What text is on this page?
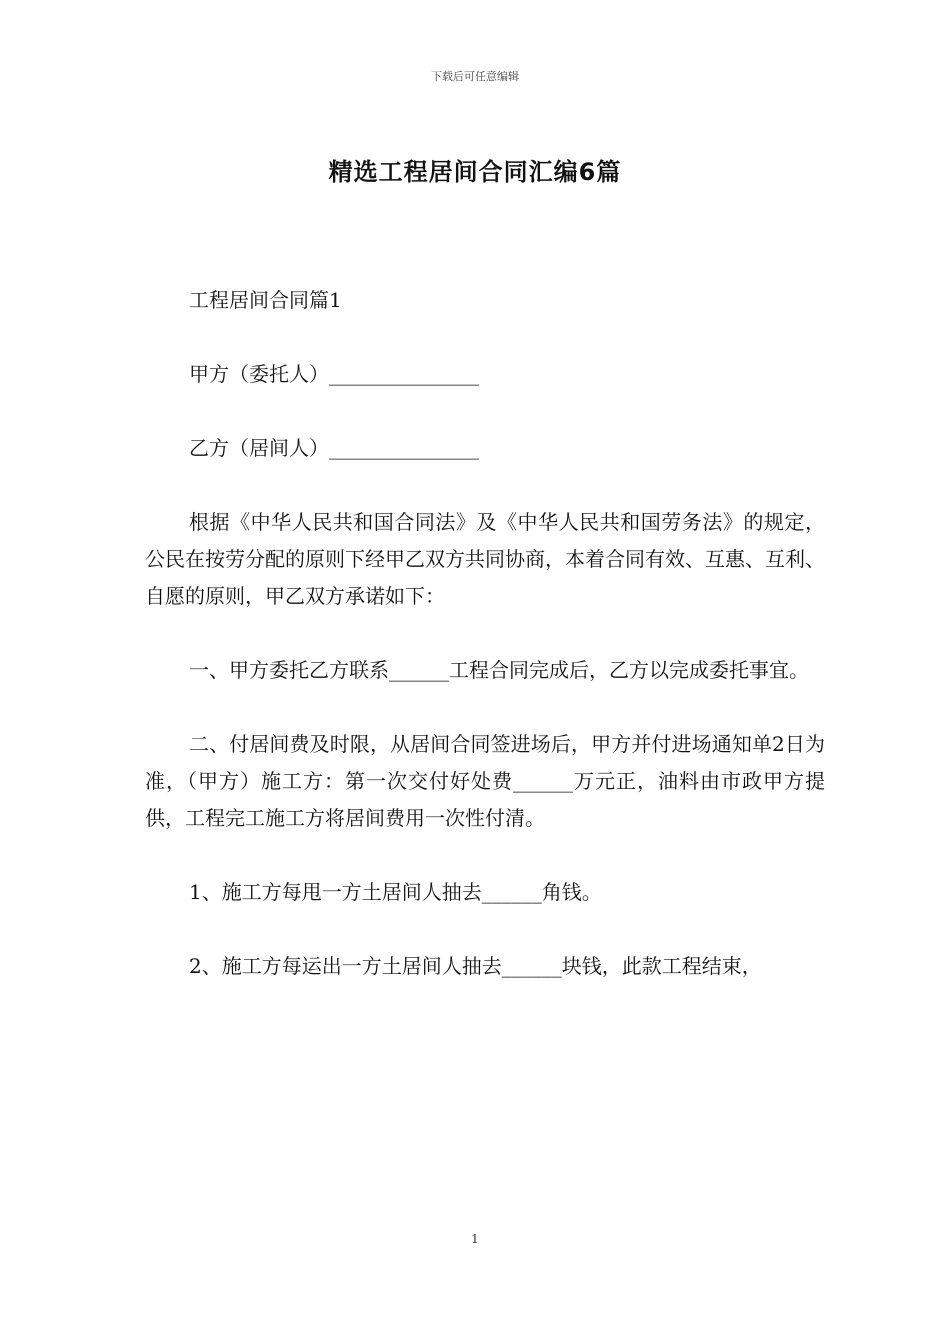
下载后可任意编辑
精选工程居间合同汇编6篇

工程居间合同篇1

甲方（委托人）_______________

乙方（居间人）_______________

根据《中华人民共和国合同法》及《中华人民共和国劳务法》的规定，公民在按劳分配的原则下经甲乙双方共同协商，本着合同有效、互惠、互利、自愿的原则，甲乙双方承诺如下：

一、甲方委托乙方联系______工程合同完成后，乙方以完成委托事宜。

二、付居间费及时限，从居间合同签进场后，甲方并付进场通知单2日为准，（甲方）施工方：第一次交付好处费______万元正，油料由市政甲方提供，工程完工施工方将居间费用一次性付清。

1、施工方每甩一方土居间人抽去______角钱。

2、施工方每运出一方土居间人抽去______块钱，此款工程结束，

1
